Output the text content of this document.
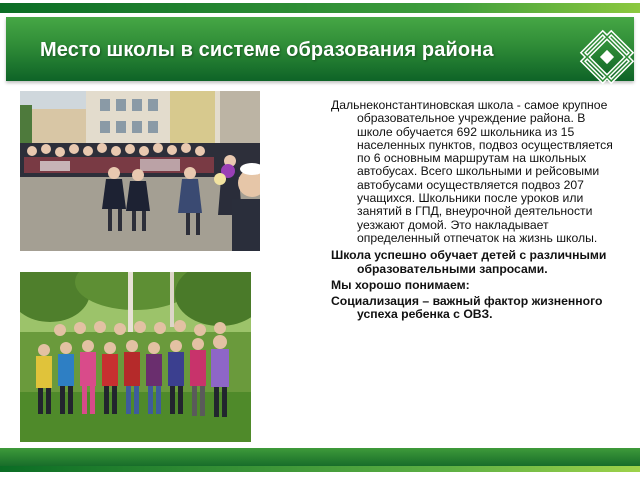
Место школы в системе образования района

Дальнеконстантиновская школа - самое крупное образовательное учреждение района. В школе обучается 692 школьника из 15 населенных пунктов, подвоз осуществляется по 6 основным маршрутам на школьных автобусах. Всего школьными и рейсовыми автобусами осуществляется подвоз 207 учащихся. Школьники после уроков или занятий в ГПД, внеурочной деятельности уезжают домой. Это накладывает определенный отпечаток на жизнь школы.

Школа успешно обучает детей с различными образовательными запросами.

Мы хорошо понимаем:

Социализация – важный фактор жизненного успеха ребенка с ОВЗ.
